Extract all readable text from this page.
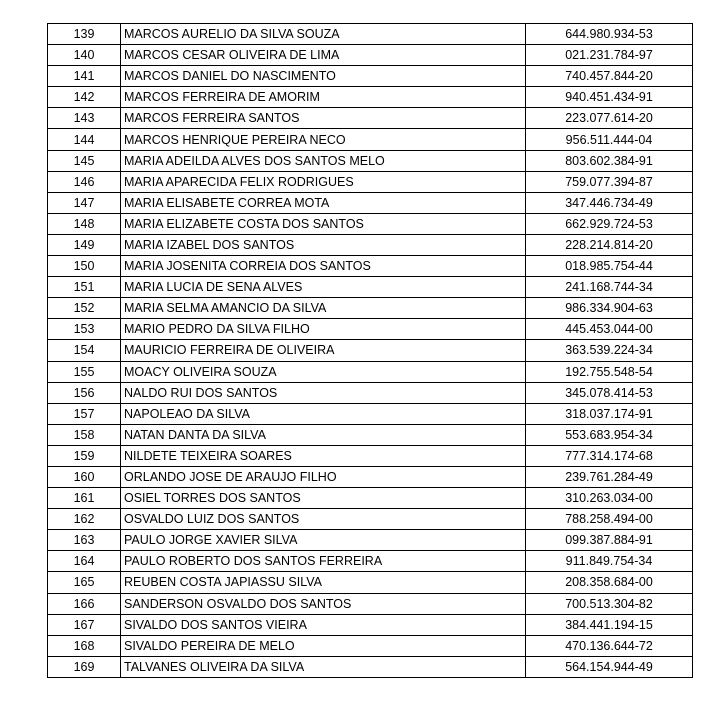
139	MARCOS AURELIO DA SILVA SOUZA	644.980.934-53
140	MARCOS CESAR OLIVEIRA DE LIMA	021.231.784-97
141	MARCOS DANIEL DO NASCIMENTO	740.457.844-20
142	MARCOS FERREIRA DE AMORIM	940.451.434-91
143	MARCOS FERREIRA SANTOS	223.077.614-20
144	MARCOS HENRIQUE PEREIRA NECO	956.511.444-04
145	MARIA ADEILDA ALVES DOS SANTOS MELO	803.602.384-91
146	MARIA APARECIDA FELIX RODRIGUES	759.077.394-87
147	MARIA ELISABETE CORREA MOTA	347.446.734-49
148	MARIA ELIZABETE COSTA DOS SANTOS	662.929.724-53
149	MARIA IZABEL DOS SANTOS	228.214.814-20
150	MARIA JOSENITA CORREIA DOS SANTOS	018.985.754-44
151	MARIA LUCIA DE SENA ALVES	241.168.744-34
152	MARIA SELMA AMANCIO DA SILVA	986.334.904-63
153	MARIO PEDRO DA SILVA FILHO	445.453.044-00
154	MAURICIO FERREIRA DE OLIVEIRA	363.539.224-34
155	MOACY OLIVEIRA SOUZA	192.755.548-54
156	NALDO RUI DOS SANTOS	345.078.414-53
157	NAPOLEAO DA SILVA	318.037.174-91
158	NATAN DANTA DA SILVA	553.683.954-34
159	NILDETE TEIXEIRA SOARES	777.314.174-68
160	ORLANDO JOSE DE ARAUJO FILHO	239.761.284-49
161	OSIEL TORRES DOS SANTOS	310.263.034-00
162	OSVALDO LUIZ DOS SANTOS	788.258.494-00
163	PAULO JORGE XAVIER SILVA	099.387.884-91
164	PAULO ROBERTO DOS SANTOS FERREIRA	911.849.754-34
165	REUBEN COSTA JAPIASSU SILVA	208.358.684-00
166	SANDERSON OSVALDO DOS SANTOS	700.513.304-82
167	SIVALDO DOS SANTOS VIEIRA	384.441.194-15
168	SIVALDO PEREIRA DE MELO	470.136.644-72
169	TALVANES OLIVEIRA DA SILVA	564.154.944-49
